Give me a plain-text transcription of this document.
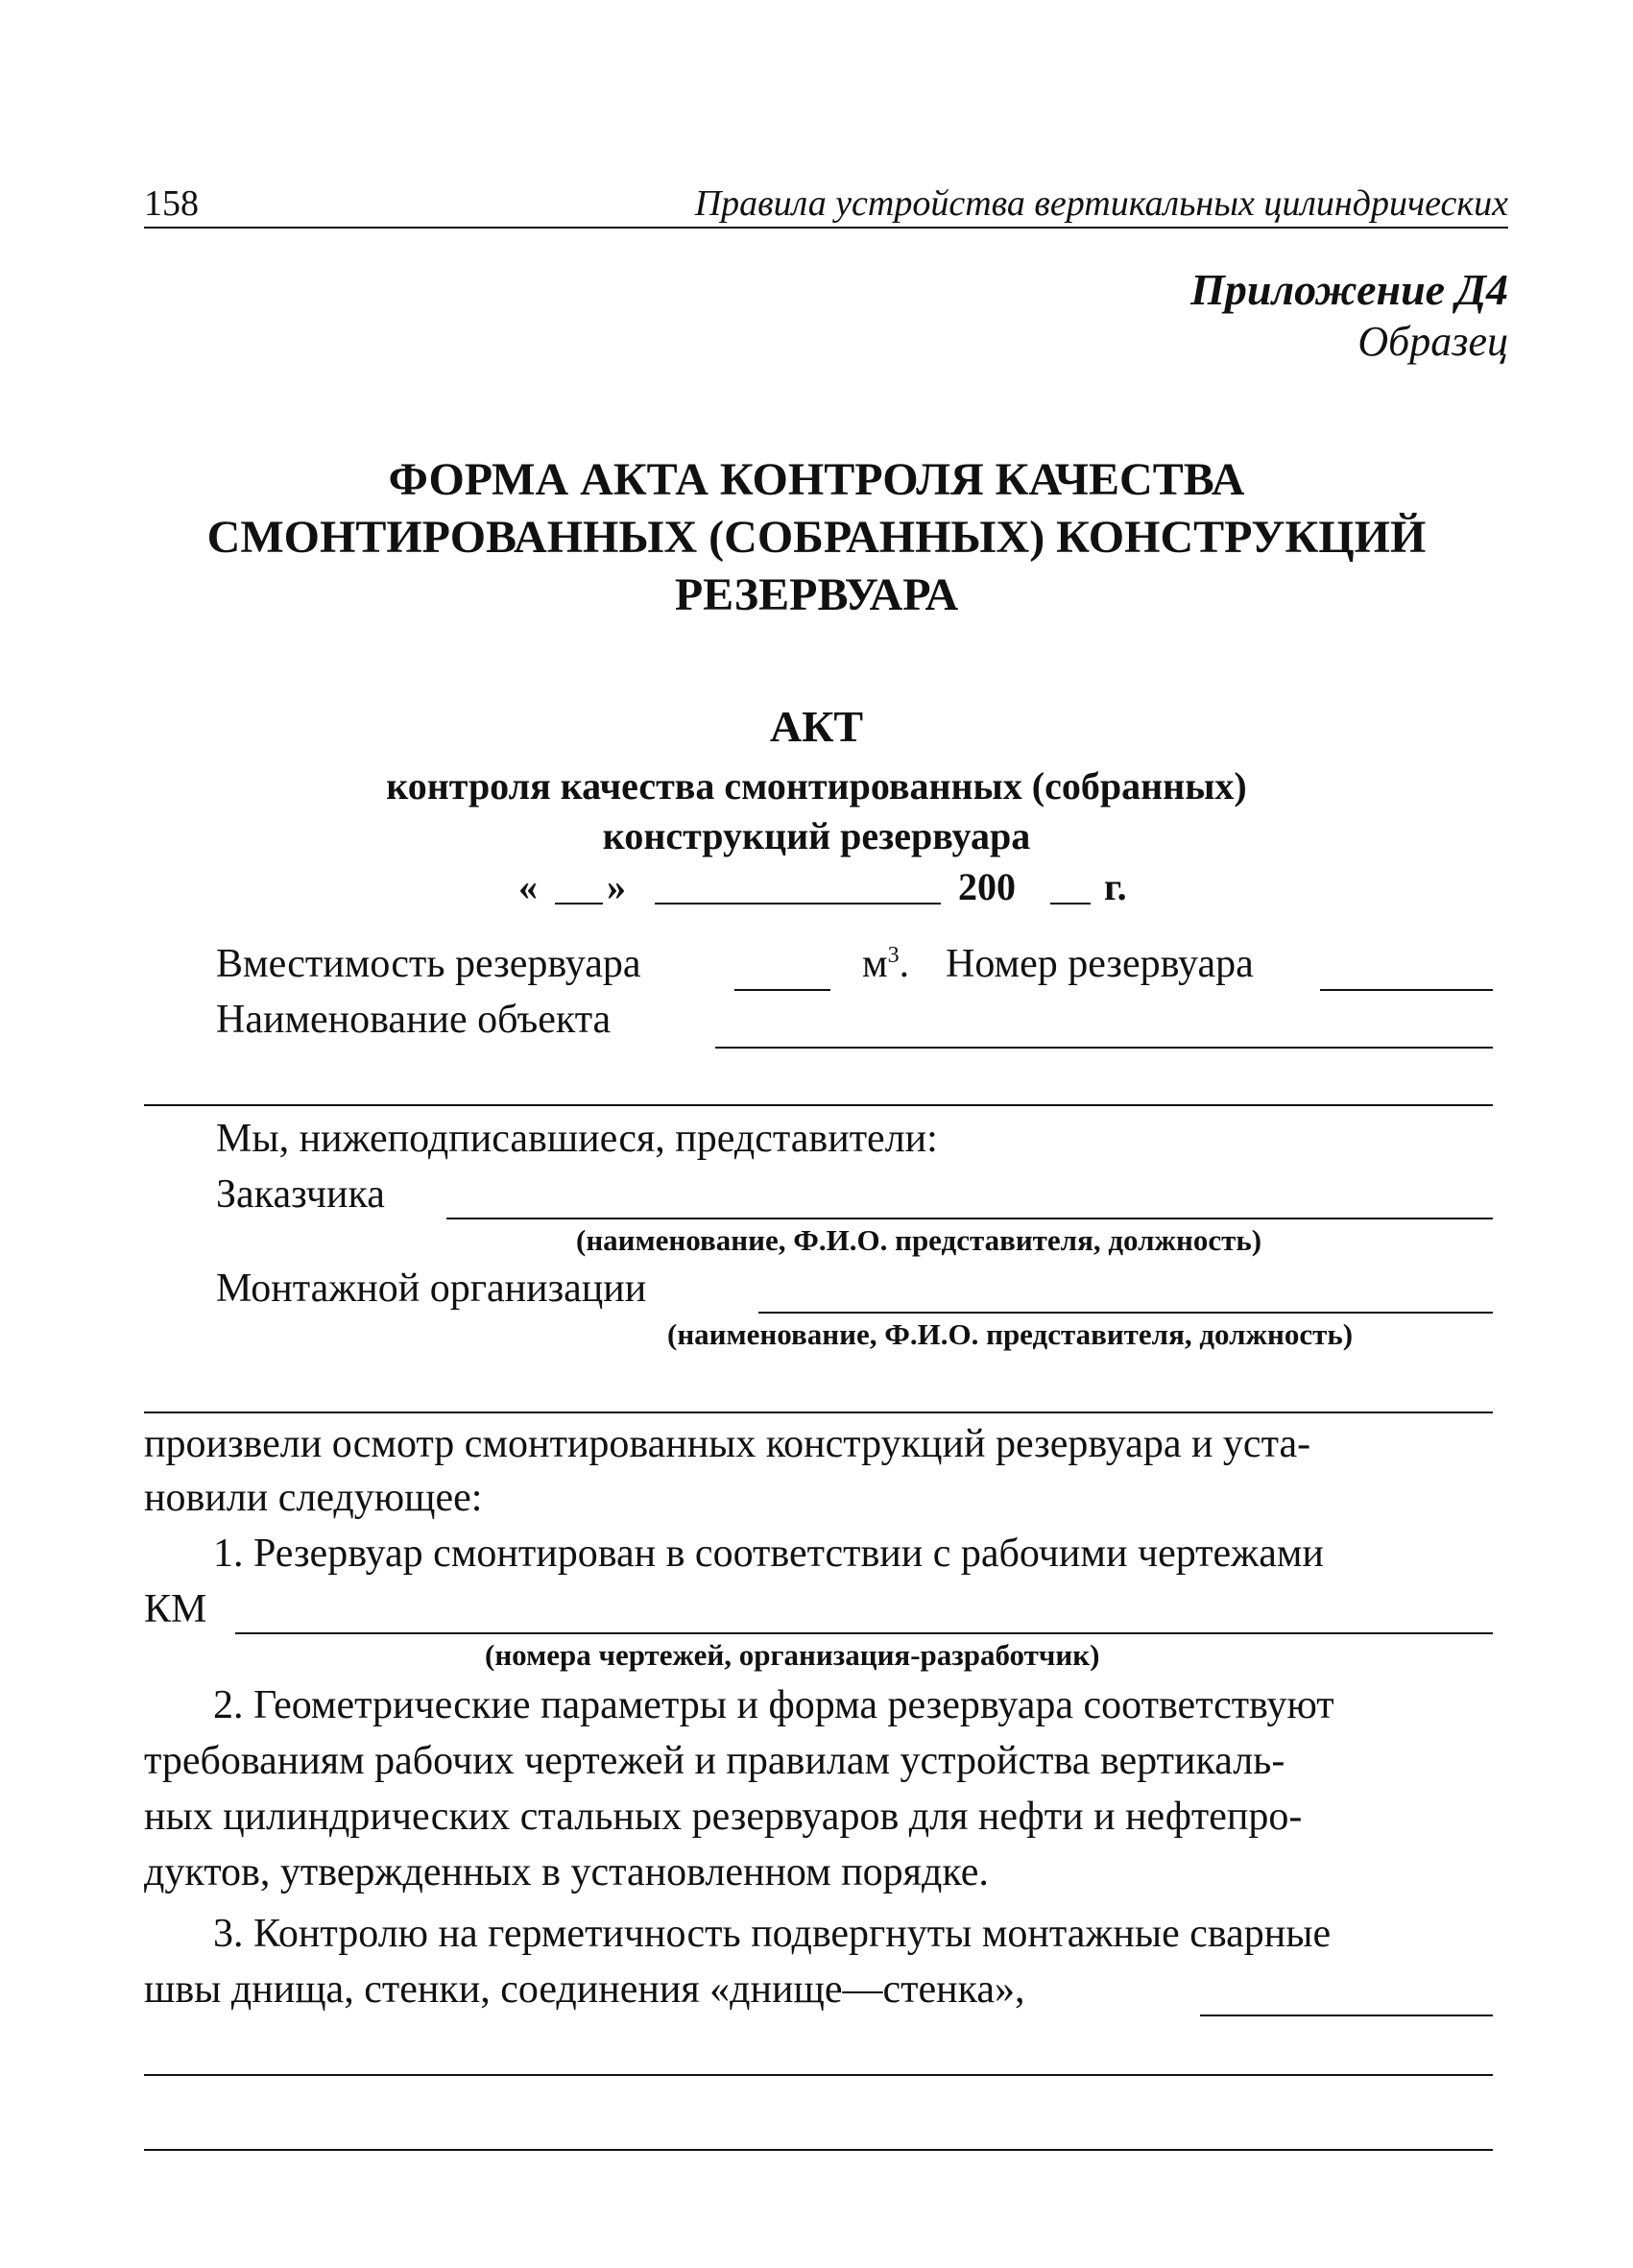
158	Правила устройства вертикальных цилиндрических
Приложение Д4
Образец
ФОРМА АКТА КОНТРОЛЯ КАЧЕСТВА
СМОНТИРОВАННЫХ (СОБРАННЫХ) КОНСТРУКЦИЙ
РЕЗЕРВУАРА
АКТ
контроля качества смонтированных (собранных)
конструкций резервуара
« »	200 г.
Вместимость резервуара	$м^3$. Номер резервуара
Наименование объекта
Мы, нижеподписавшиеся, представители:
Заказчика
(наименование, Ф.И.О. представителя, должность)
Монтажной организации
(наименование, Ф.И.О. представителя, должность)
произвели осмотр смонтированных конструкций резервуара и уста-
новили следующее:
1. Резервуар смонтирован в соответствии с рабочими чертежами
КМ
(номера чертежей, организация-разработчик)
2. Геометрические параметры и форма резервуара соответствуют
требованиям рабочих чертежей и правилам устройства вертикаль-
ных цилиндрических стальных резервуаров для нефти и нефтепро-
дуктов, утвержденных в установленном порядке.
3. Контролю на герметичность подвергнуты монтажные сварные
швы днища, стенки, соединения «днище—стенка»,
